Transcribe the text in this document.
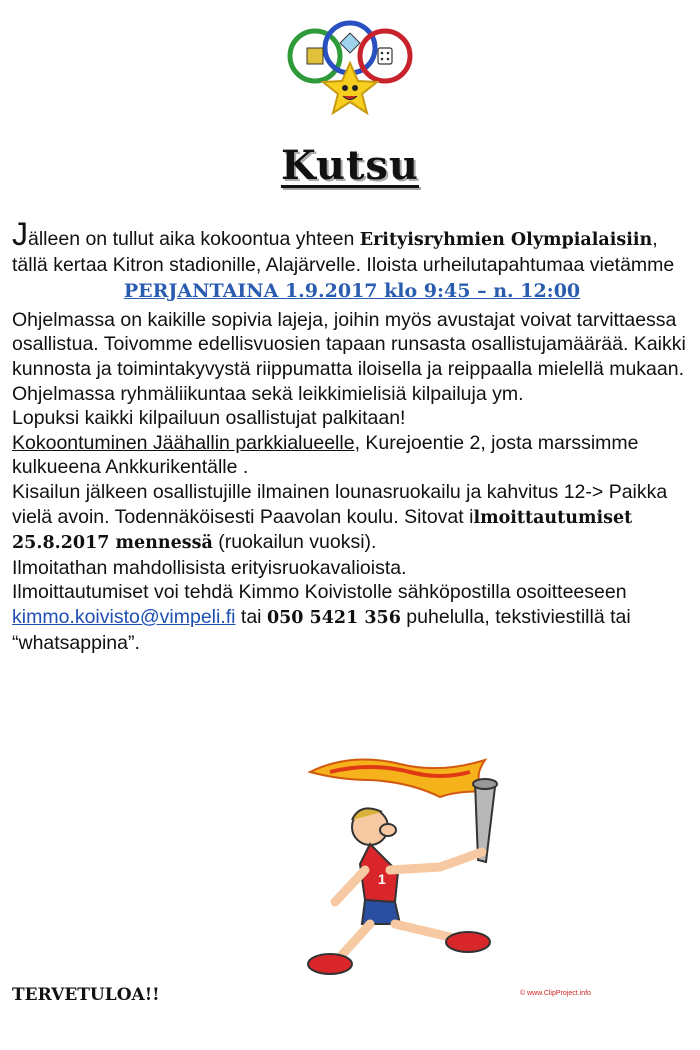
Kutsu

Jälleen on tullut aika kokoontua yhteen Erityisryhmien Olympialaisiin, tällä kertaa Kitron stadionille, Alajärvelle. Iloista urheilutapahtumaa vietämme

PERJANTAINA 1.9.2017 klo 9:45 – n. 12:00

Ohjelmassa on kaikille sopivia lajeja, joihin myös avustajat voivat tarvittaessa osallistua. Toivomme edellisvuosien tapaan runsasta osallistujamäärää. Kaikki kunnosta ja toimintakyvystä riippumatta iloisella ja reippaalla mielellä mukaan.

Ohjelmassa ryhmäliikuntaa sekä leikkimielisiä kilpailuja ym.

Lopuksi kaikki kilpailuun osallistujat palkitaan!

Kokoontuminen Jäähallin parkkialueelle, Kurejoentie 2, josta marssimme kulkueena Ankkurikentälle .

Kisailun jälkeen osallistujille ilmainen lounasruokailu ja kahvitus 12-> Paikka vielä avoin. Todennäköisesti Paavolan koulu. Sitovat ilmoittautumiset 25.8.2017 mennessä (ruokailun vuoksi).

Ilmoitathan mahdollisista erityisruokavalioista.

Ilmoittautumiset voi tehdä Kimmo Koivistolle sähköpostilla osoitteeseen kimmo.koivisto@vimpeli.fi tai 050 5421 356 puhelulla, tekstiviestillä tai “whatsappina”.

1
TERVETULOA!!	© www.ClipProject.info
